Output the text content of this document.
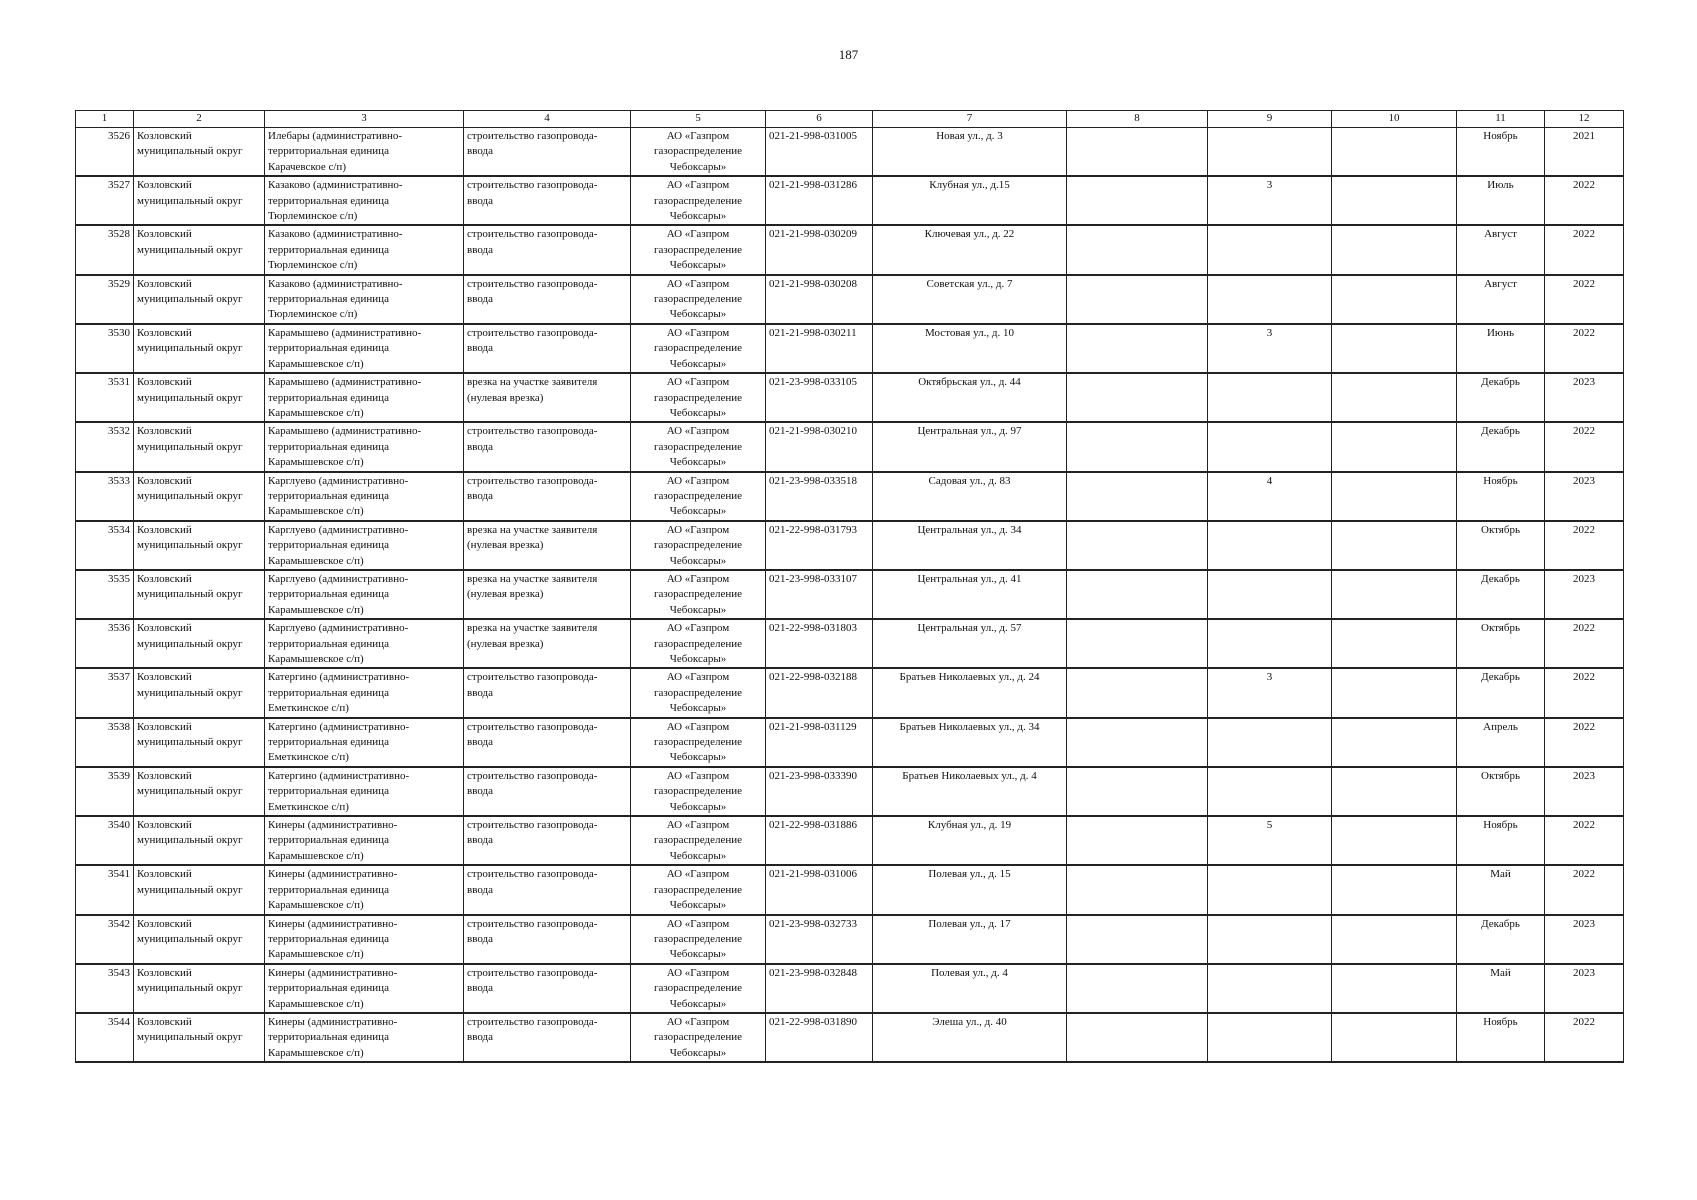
187
1	2	3	4	5	6	7	8	9	10	11	12
3526	Козловский
муниципальный округ	Илебары (административно-
территориальная единица
Карачевское с/п)	строительство газопровода-
ввода	АО «Газпром
газораспределение
Чебоксары»	021-21-998-031005	Новая ул., д. 3				Ноябрь	2021
3527	Козловский
муниципальный округ	Казаково (административно-
территориальная единица
Тюрлеминское с/п)	строительство газопровода-
ввода	АО «Газпром
газораспределение
Чебоксары»	021-21-998-031286	Клубная ул., д.15		3		Июль	2022
3528	Козловский
муниципальный округ	Казаково (административно-
территориальная единица
Тюрлеминское с/п)	строительство газопровода-
ввода	АО «Газпром
газораспределение
Чебоксары»	021-21-998-030209	Ключевая ул., д. 22				Август	2022
3529	Козловский
муниципальный округ	Казаково (административно-
территориальная единица
Тюрлеминское с/п)	строительство газопровода-
ввода	АО «Газпром
газораспределение
Чебоксары»	021-21-998-030208	Советская ул., д. 7				Август	2022
3530	Козловский
муниципальный округ	Карамышево (административно-
территориальная единица
Карамышевское с/п)	строительство газопровода-
ввода	АО «Газпром
газораспределение
Чебоксары»	021-21-998-030211	Мостовая ул., д. 10		3		Июнь	2022
3531	Козловский
муниципальный округ	Карамышево (административно-
территориальная единица
Карамышевское с/п)	врезка на участке заявителя
(нулевая врезка)	АО «Газпром
газораспределение
Чебоксары»	021-23-998-033105	Октябрьская ул., д. 44				Декабрь	2023
3532	Козловский
муниципальный округ	Карамышево (административно-
территориальная единица
Карамышевское с/п)	строительство газопровода-
ввода	АО «Газпром
газораспределение
Чебоксары»	021-21-998-030210	Центральная ул., д. 97				Декабрь	2022
3533	Козловский
муниципальный округ	Карглуево (административно-
территориальная единица
Карамышевское с/п)	строительство газопровода-
ввода	АО «Газпром
газораспределение
Чебоксары»	021-23-998-033518	Садовая ул., д. 83		4		Ноябрь	2023
3534	Козловский
муниципальный округ	Карглуево (административно-
территориальная единица
Карамышевское с/п)	врезка на участке заявителя
(нулевая врезка)	АО «Газпром
газораспределение
Чебоксары»	021-22-998-031793	Центральная ул., д. 34				Октябрь	2022
3535	Козловский
муниципальный округ	Карглуево (административно-
территориальная единица
Карамышевское с/п)	врезка на участке заявителя
(нулевая врезка)	АО «Газпром
газораспределение
Чебоксары»	021-23-998-033107	Центральная ул., д. 41				Декабрь	2023
3536	Козловский
муниципальный округ	Карглуево (административно-
территориальная единица
Карамышевское с/п)	врезка на участке заявителя
(нулевая врезка)	АО «Газпром
газораспределение
Чебоксары»	021-22-998-031803	Центральная ул., д. 57				Октябрь	2022
3537	Козловский
муниципальный округ	Катергино (административно-
территориальная единица
Еметкинское с/п)	строительство газопровода-
ввода	АО «Газпром
газораспределение
Чебоксары»	021-22-998-032188	Братьев Николаевых ул., д. 24		3		Декабрь	2022
3538	Козловский
муниципальный округ	Катергино (административно-
территориальная единица
Еметкинское с/п)	строительство газопровода-
ввода	АО «Газпром
газораспределение
Чебоксары»	021-21-998-031129	Братьев Николаевых ул., д. 34				Апрель	2022
3539	Козловский
муниципальный округ	Катергино (административно-
территориальная единица
Еметкинское с/п)	строительство газопровода-
ввода	АО «Газпром
газораспределение
Чебоксары»	021-23-998-033390	Братьев Николаевых ул., д. 4				Октябрь	2023
3540	Козловский
муниципальный округ	Кинеры (административно-
территориальная единица
Карамышевское с/п)	строительство газопровода-
ввода	АО «Газпром
газораспределение
Чебоксары»	021-22-998-031886	Клубная ул., д. 19		5		Ноябрь	2022
3541	Козловский
муниципальный округ	Кинеры (административно-
территориальная единица
Карамышевское с/п)	строительство газопровода-
ввода	АО «Газпром
газораспределение
Чебоксары»	021-21-998-031006	Полевая ул., д. 15				Май	2022
3542	Козловский
муниципальный округ	Кинеры (административно-
территориальная единица
Карамышевское с/п)	строительство газопровода-
ввода	АО «Газпром
газораспределение
Чебоксары»	021-23-998-032733	Полевая ул., д. 17				Декабрь	2023
3543	Козловский
муниципальный округ	Кинеры (административно-
территориальная единица
Карамышевское с/п)	строительство газопровода-
ввода	АО «Газпром
газораспределение
Чебоксары»	021-23-998-032848	Полевая ул., д. 4				Май	2023
3544	Козловский
муниципальный округ	Кинеры (административно-
территориальная единица
Карамышевское с/п)	строительство газопровода-
ввода	АО «Газпром
газораспределение
Чебоксары»	021-22-998-031890	Элеша ул., д. 40				Ноябрь	2022
